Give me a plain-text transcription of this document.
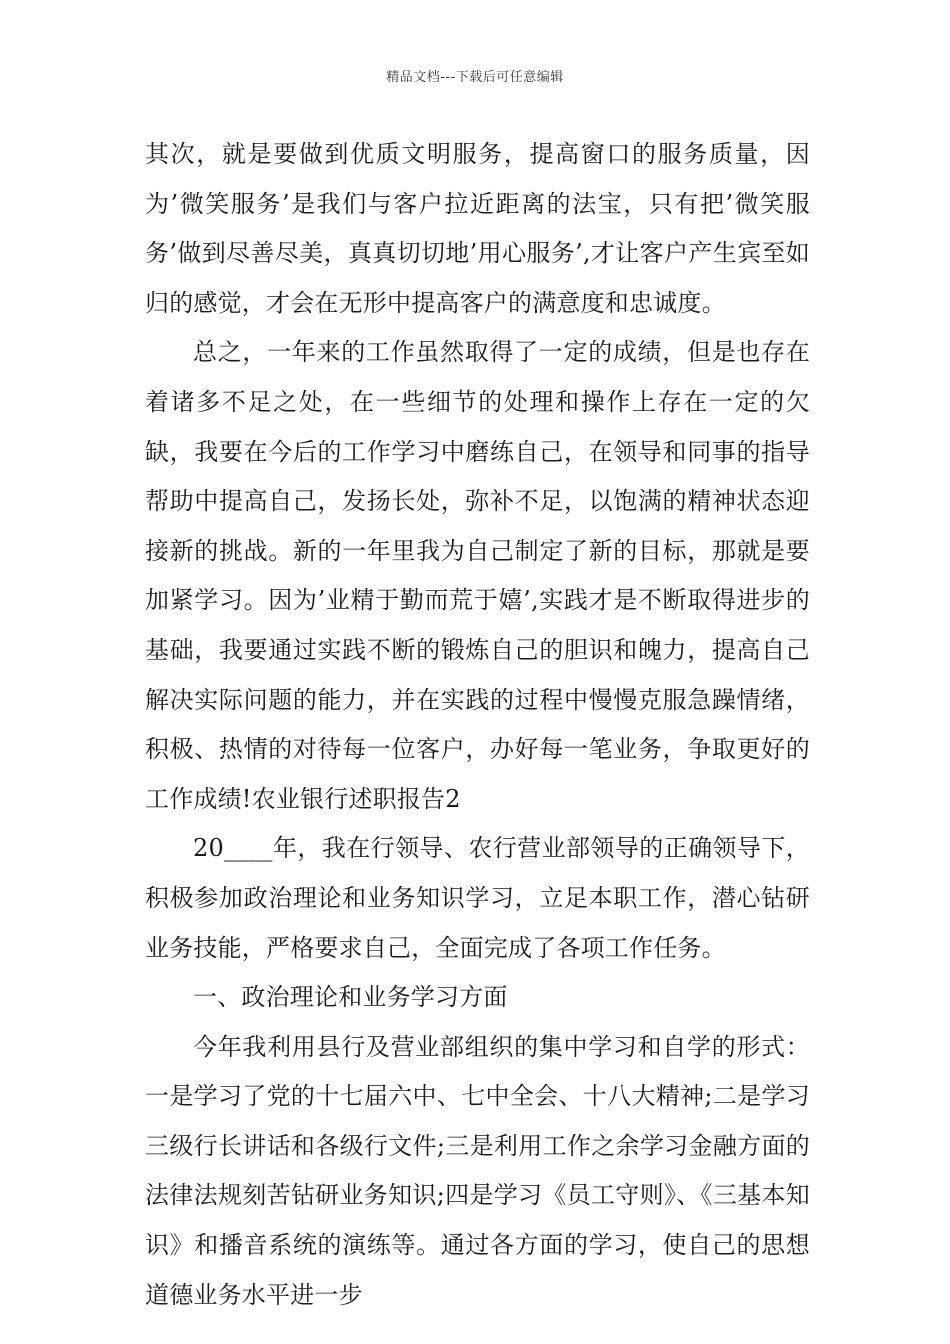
精品文档---下载后可任意编辑

其次，就是要做到优质文明服务，提高窗口的服务质量，因为’微笑服务’是我们与客户拉近距离的法宝，只有把’微笑服务’做到尽善尽美，真真切切地’用心服务’,才让客户产生宾至如归的感觉，才会在无形中提高客户的满意度和忠诚度。

总之，一年来的工作虽然取得了一定的成绩，但是也存在着诸多不足之处，在一些细节的处理和操作上存在一定的欠缺，我要在今后的工作学习中磨练自己，在领导和同事的指导帮助中提高自己，发扬长处，弥补不足，以饱满的精神状态迎接新的挑战。新的一年里我为自己制定了新的目标，那就是要加紧学习。因为’业精于勤而荒于嬉’,实践才是不断取得进步的基础，我要通过实践不断的锻炼自己的胆识和魄力，提高自己解决实际问题的能力，并在实践的过程中慢慢克服急躁情绪，积极、热情的对待每一位客户，办好每一笔业务，争取更好的工作成绩!农业银行述职报告2

20____年，我在行领导、农行营业部领导的正确领导下，积极参加政治理论和业务知识学习，立足本职工作，潜心钻研业务技能，严格要求自己，全面完成了各项工作任务。

一、政治理论和业务学习方面

今年我利用县行及营业部组织的集中学习和自学的形式：一是学习了党的十七届六中、七中全会、十八大精神;二是学习三级行长讲话和各级行文件;三是利用工作之余学习金融方面的法律法规刻苦钻研业务知识;四是学习《员工守则》、《三基本知识》和播音系统的演练等。通过各方面的学习，使自己的思想道德业务水平进一步
